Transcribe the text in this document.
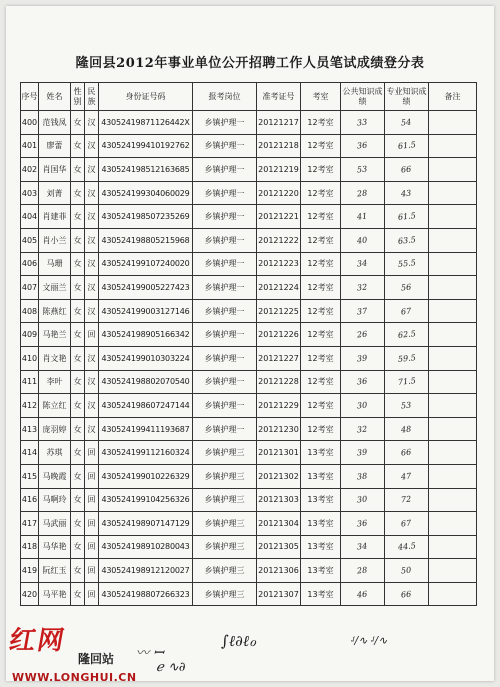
隆回县2012年事业单位公开招聘工作人员笔试成绩登分表
序号	姓名	性别	民族	身份证号码	报考岗位	准考证号	考室	公共知识成绩	专业知识成绩	备注
400	范钱凤	女	汉	43052419871126442X	乡镇护理一	20121217	12考室	33	54	
401	廖蕾	女	汉	430524199410192762	乡镇护理一	20121218	12考室	36	61.5	
402	肖国华	女	汉	430524198512163685	乡镇护理一	20121219	12考室	53	66	
403	刘菁	女	汉	430524199304060029	乡镇护理一	20121220	12考室	28	43	
404	肖建菲	女	汉	430524198507235269	乡镇护理一	20121221	12考室	41	61.5	
405	肖小兰	女	汉	430524198805215968	乡镇护理一	20121222	12考室	40	63.5	
406	马珊	女	汉	430524199107240020	乡镇护理一	20121223	12考室	34	55.5	
407	文丽兰	女	汉	430524199005227423	乡镇护理一	20121224	12考室	32	56	
408	陈燕红	女	汉	430524199003127146	乡镇护理一	20121225	12考室	37	67	
409	马艳兰	女	回	430524198905166342	乡镇护理一	20121226	12考室	26	62.5	
410	肖文艳	女	汉	430524199010303224	乡镇护理一	20121227	12考室	39	59.5	
411	李叶	女	汉	430524198802070540	乡镇护理一	20121228	12考室	36	71.5	
412	陈立红	女	汉	430524198607247144	乡镇护理一	20121229	12考室	30	53	
413	庞羽婷	女	汉	430524199411193687	乡镇护理一	20121230	12考室	32	48	
414	苏琪	女	回	430524199112160324	乡镇护理三	20121301	13考室	39	66	
415	马晚霞	女	回	430524199010226329	乡镇护理三	20121302	13考室	38	47	
416	马啊玲	女	回	430524199104256326	乡镇护理三	20121303	13考室	30	72	
417	马武丽	女	回	430524198907147129	乡镇护理三	20121304	13考室	36	67	
418	马华艳	女	回	430524198910280043	乡镇护理三	20121305	13考室	34	44.5	
419	阮红玉	女	回	430524198912120027	乡镇护理三	20121306	13考室	28	50	
420	马平艳	女	回	430524198807266323	乡镇护理三	20121307	13考室	46	66	
〰 ꟷ
∫ℓ∂ℓℴ
ℯ ∿∂
ᶨ∕∿ ᶨ∕∿
红网
隆回站
WWW.LONGHUI.CN
